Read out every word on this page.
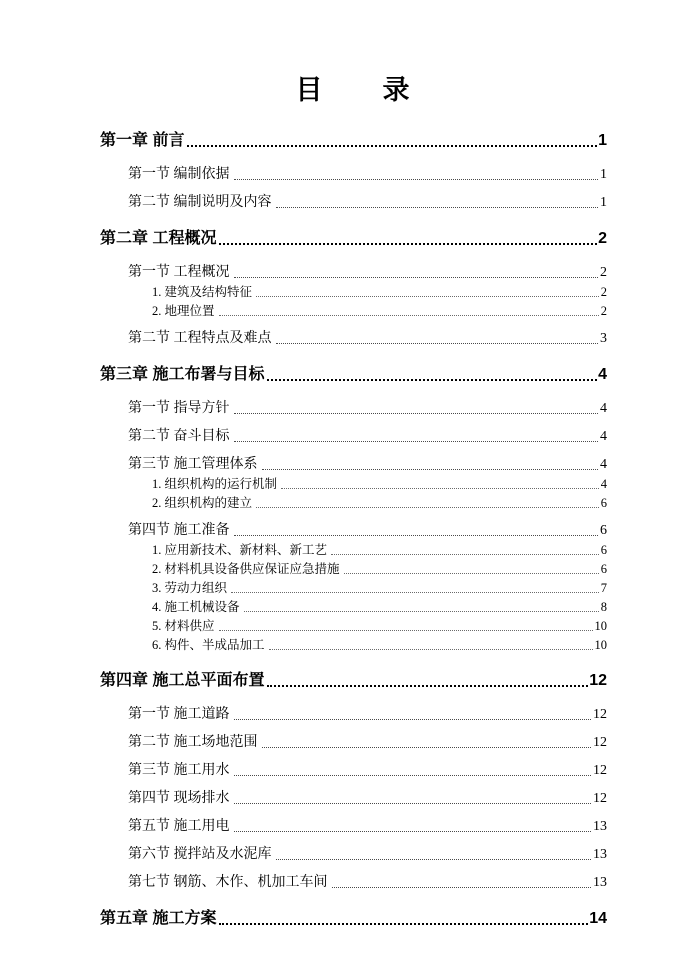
目　　录
第一章 前言	1
第一节 编制依据	1
第二节 编制说明及内容	1
第二章 工程概况	2
第一节 工程概况	2
1. 建筑及结构特征	2
2. 地理位置	2
第二节 工程特点及难点	3
第三章 施工布署与目标	4
第一节 指导方针	4
第二节 奋斗目标	4
第三节 施工管理体系	4
1. 组织机构的运行机制	4
2. 组织机构的建立	6
第四节 施工准备	6
1. 应用新技术、新材料、新工艺	6
2. 材料机具设备供应保证应急措施	6
3. 劳动力组织	7
4. 施工机械设备	8
5. 材料供应	10
6. 构件、半成品加工	10
第四章 施工总平面布置	12
第一节 施工道路	12
第二节 施工场地范围	12
第三节 施工用水	12
第四节 现场排水	12
第五节 施工用电	13
第六节 搅拌站及水泥库	13
第七节 钢筋、木作、机加工车间	13
第五章 施工方案	14
